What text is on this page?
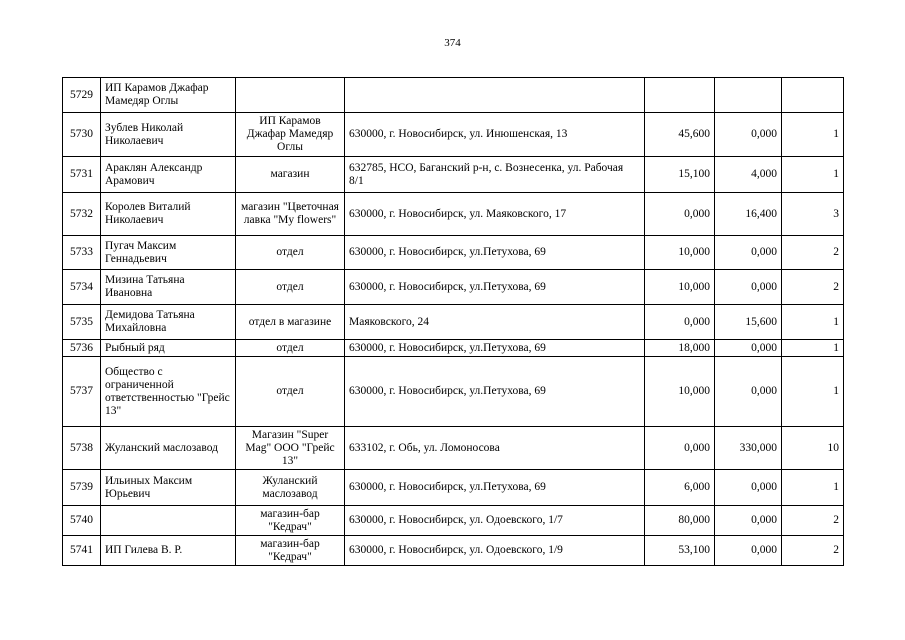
374
5729	ИП Карамов Джафар Мамедяр Оглы					
5730	Зублев Николай Николаевич	ИП Карамов Джафар Мамедяр Оглы	630000, г. Новосибирск, ул. Инюшенская, 13	45,600	0,000	1
5731	Араклян Александр Арамович	магазин	632785, НСО, Баганский р-н, с. Вознесенка, ул. Рабочая 8/1	15,100	4,000	1
5732	Королев Виталий Николаевич	магазин "Цветочная лавка "My flowers"	630000, г. Новосибирск, ул. Маяковского, 17	0,000	16,400	3
5733	Пугач Максим Геннадьевич	отдел	630000, г. Новосибирск, ул.Петухова, 69	10,000	0,000	2
5734	Мизина Татьяна Ивановна	отдел	630000, г. Новосибирск, ул.Петухова, 69	10,000	0,000	2
5735	Демидова Татьяна Михайловна	отдел в магазине	Маяковского, 24	0,000	15,600	1
5736	Рыбный ряд	отдел	630000, г. Новосибирск, ул.Петухова, 69	18,000	0,000	1
5737	Общество с ограниченной ответственностью "Грейс 13"	отдел	630000, г. Новосибирск, ул.Петухова, 69	10,000	0,000	1
5738	Жуланский маслозавод	Магазин "Super Mag" ООО "Грейс 13"	633102, г. Обь, ул. Ломоносова	0,000	330,000	10
5739	Ильиных Максим Юрьевич	Жуланский маслозавод	630000, г. Новосибирск, ул.Петухова, 69	6,000	0,000	1
5740		магазин-бар "Кедрач"	630000, г. Новосибирск, ул. Одоевского, 1/7	80,000	0,000	2
5741	ИП Гилева В. Р.	магазин-бар "Кедрач"	630000, г. Новосибирск, ул. Одоевского, 1/9	53,100	0,000	2
